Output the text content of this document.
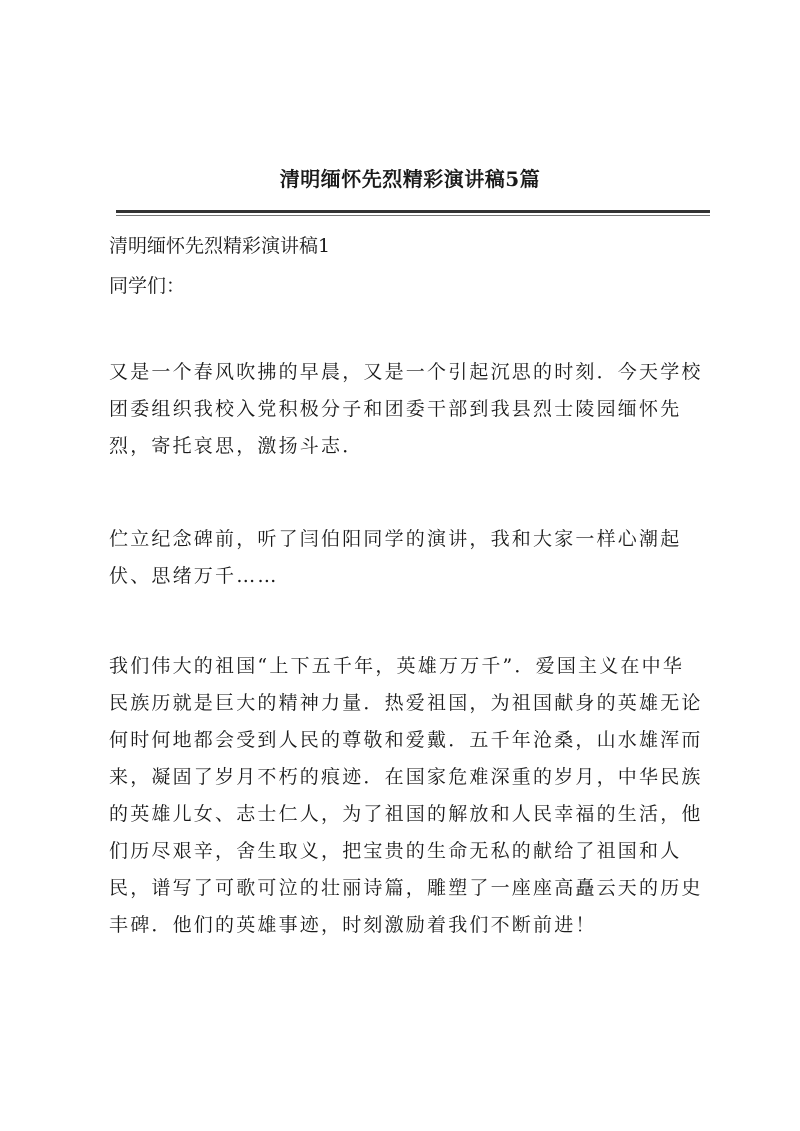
清明缅怀先烈精彩演讲稿5篇

清明缅怀先烈精彩演讲稿1

同学们：

又是一个春风吹拂的早晨，又是一个引起沉思的时刻．今天学校
团委组织我校入党积极分子和团委干部到我县烈士陵园缅怀先
烈，寄托哀思，激扬斗志．

伫立纪念碑前，听了闫伯阳同学的演讲，我和大家一样心潮起
伏、思绪万千……

我们伟大的祖国“上下五千年，英雄万万千”．爱国主义在中华
民族历就是巨大的精神力量．热爱祖国，为祖国献身的英雄无论
何时何地都会受到人民的尊敬和爱戴．五千年沧桑，山水雄浑而
来，凝固了岁月不朽的痕迹．在国家危难深重的岁月，中华民族
的英雄儿女、志士仁人，为了祖国的解放和人民幸福的生活，他
们历尽艰辛，舍生取义，把宝贵的生命无私的献给了祖国和人
民，谱写了可歌可泣的壮丽诗篇，雕塑了一座座高矗云天的历史
丰碑．他们的英雄事迹，时刻激励着我们不断前进！
